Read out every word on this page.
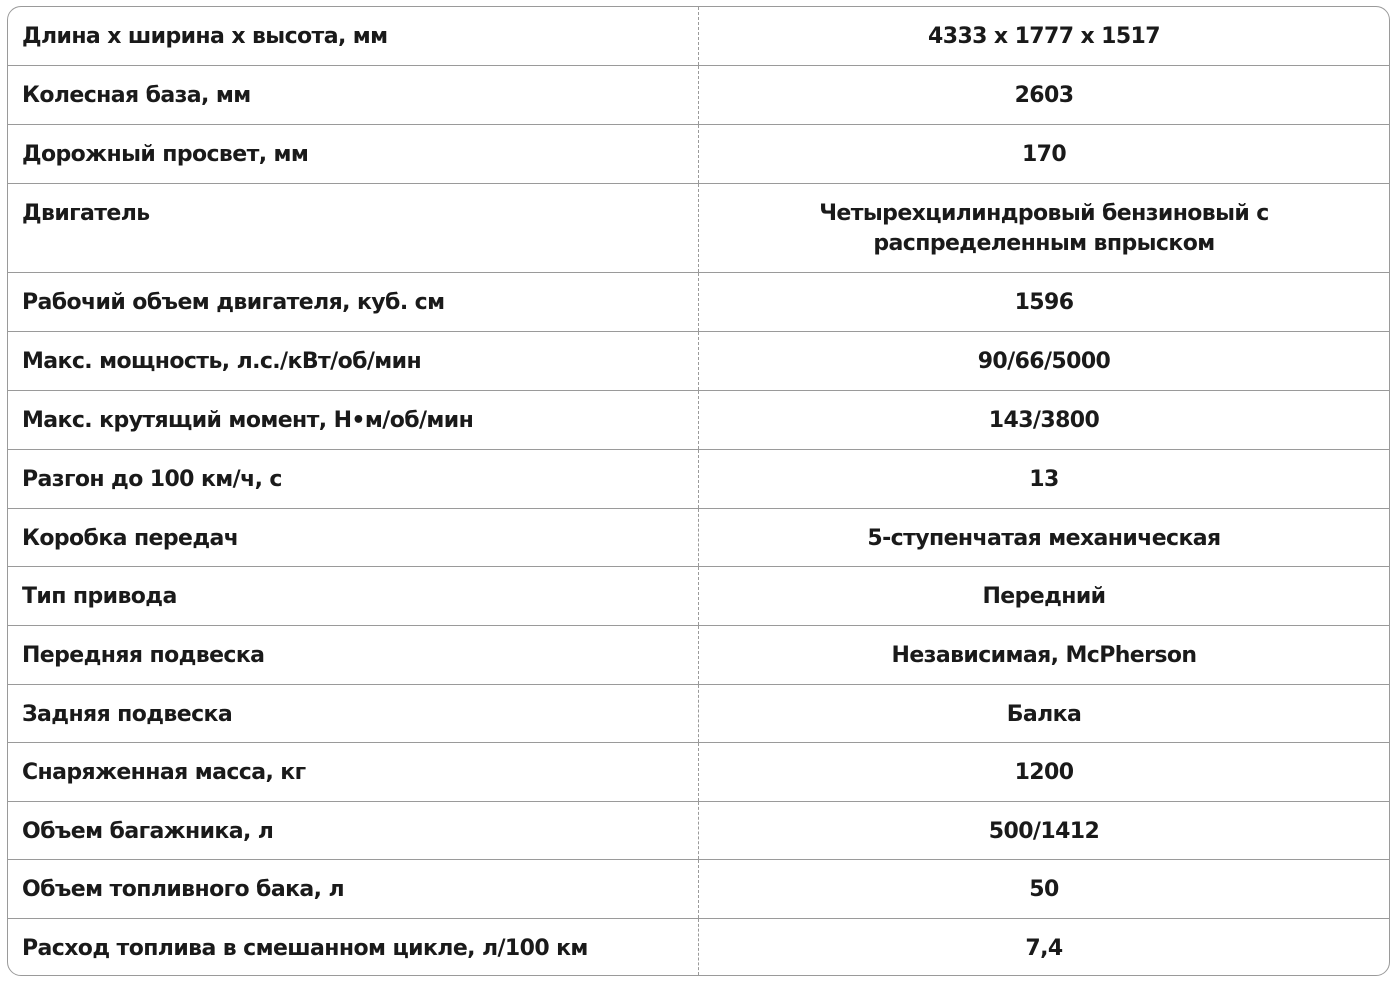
Длина х ширина х высота, мм	4333 х 1777 х 1517
Колесная база, мм	2603
Дорожный просвет, мм	170
Двигатель	Четырехцилиндровый бензиновый с распределенным впрыском
Рабочий объем двигателя, куб. см	1596
Макс. мощность, л.с./кВт/об/мин	90/66/5000
Макс. крутящий момент, Н•м/об/мин	143/3800
Разгон до 100 км/ч, с	13
Коробка передач	5-ступенчатая механическая
Тип привода	Передний
Передняя подвеска	Независимая, McPherson
Задняя подвеска	Балка
Снаряженная масса, кг	1200
Объем багажника, л	500/1412
Объем топливного бака, л	50
Расход топлива в смешанном цикле, л/100 км	7,4
